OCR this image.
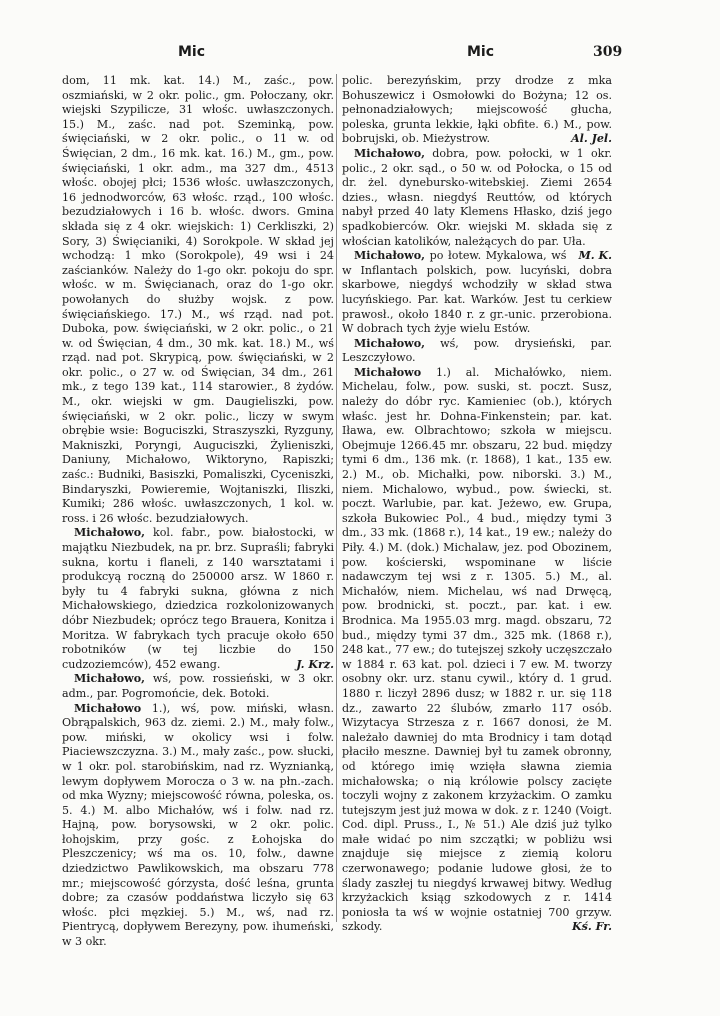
Mic	Mic	309

dom, 11 mk. kat. 14.) M., zaśc., pow. oszmiański, w 2 okr. polic., gm. Połoczany, okr. wiejski Szypilicze, 31 włośc. uwłaszczonych. 15.) M., zaśc. nad pot. Szeminką, pow. święciański, w 2 okr. polic., o 11 w. od Święcian, 2 dm., 16 mk. kat. 16.) M., gm., pow. święciański, 1 okr. adm., ma 327 dm., 4513 włośc. obojej płci; 1536 włośc. uwłaszczonych, 16 jednodworców, 63 włośc. rząd., 100 włośc. bezudziałowych i 16 b. włośc. dwors. Gmina składa się z 4 okr. wiejskich: 1) Cerkliszki, 2) Sory, 3) Święcianiki, 4) Sorokpole. W skład jej wchodzą: 1 mko (Sorokpole), 49 wsi i 24 zaścianków. Należy do 1-go okr. pokoju do spr. włośc. w m. Święcianach, oraz do 1-go okr. powołanych do służby wojsk. z pow. święciańskiego. 17.) M., wś rząd. nad pot. Duboka, pow. święciański, w 2 okr. polic., o 21 w. od Święcian, 4 dm., 30 mk. kat. 18.) M., wś rząd. nad pot. Skrypicą, pow. święciański, w 2 okr. polic., o 27 w. od Święcian, 34 dm., 261 mk., z tego 139 kat., 114 starowier., 8 żydów. M., okr. wiejski w gm. Daugieliszki, pow. święciański, w 2 okr. polic., liczy w swym obrębie wsie: Boguciszki, Straszyszki, Ryzguny, Makniszki, Poryngi, Auguciszki, Żylieniszki, Daniuny, Michałowo, Wiktoryno, Rapiszki; zaśc.: Budniki, Basiszki, Pomaliszki, Cyceniszki, Bindaryszki, Powieremie, Wojtaniszki, Iliszki, Kumiki; 286 włośc. uwłaszczonych, 1 kol. w. ross. i 26 włośc. bezudziałowych.

Michałowo, kol. fabr., pow. białostocki, w majątku Niezbudek, na pr. brz. Supraśli; fabryki sukna, kortu i flaneli, z 140 warsztatami i produkcyą roczną do 250000 arsz. W 1860 r. były tu 4 fabryki sukna, główna z nich Michałowskiego, dziedzica rozkolonizowanych dóbr Niezbudek; oprócz tego Brauera, Konitza i Moritza. W fabrykach tych pracuje około 650 robotników (w tej liczbie do 150 cudzoziemców), 452 ewang.	J. Krz.

Michałowo, wś, pow. rossieński, w 3 okr. adm., par. Pogromońcie, dek. Botoki.

Michałowo 1.), wś, pow. miński, własn. Obrąpalskich, 963 dz. ziemi. 2.) M., mały folw., pow. miński, w okolicy wsi i folw. Piaciewszczyzna. 3.) M., mały zaśc., pow. słucki, w 1 okr. pol. starobińskim, nad rz. Wyznianką, lewym dopływem Morocza o 3 w. na płn.-zach. od mka Wyzny; miejscowość równa, poleska, os. 5. 4.) M. albo Michałów, wś i folw. nad rz. Hajną, pow. borysowski, w 2 okr. polic. łohojskim, przy gośc. z Łohojska do Pleszczenicy; wś ma os. 10, folw., dawne dziedzictwo Pawlikowskich, ma obszaru 778 mr.; miejscowość górzysta, dość leśna, grunta dobre; za czasów poddaństwa liczyło się 63 włośc. płci męzkiej. 5.) M., wś, nad rz. Pientrycą, dopływem Berezyny, pow. ihumeński, w 3 okr.

polic. berezyńskim, przy drodze z mka Bohuszewicz i Osmołowki do Bożyna; 12 os. pełnonadziałowych; miejscowość głucha, poleska, grunta lekkie, łąki obfite. 6.) M., pow. bobrujski, ob. Mieżystrow.	Al. Jel.

Michałowo, dobra, pow. połocki, w 1 okr. polic., 2 okr. sąd., o 50 w. od Połocka, o 15 od dr. żel. dynebursko-witebskiej. Ziemi 2654 dzies., własn. niegdyś Reuttów, od których nabył przed 40 laty Klemens Hłasko, dziś jego spadkobierców. Okr. wiejski M. składa się z włościan katolików, należących do par. Uła.
M. K.

Michałowo, po łotew. Mykalowa, wś w Inflantach polskich, pow. lucyński, dobra skarbowe, niegdyś wchodziły w skład stwa lucyńskiego. Par. kat. Warków. Jest tu cerkiew prawosł., około 1840 r. z gr.-unic. przerobiona. W dobrach tych żyje wielu Estów.

Michałowo, wś, pow. drysieński, par. Leszczyłowo.

Michałowo 1.) al. Michałówko, niem. Michelau, folw., pow. suski, st. poczt. Susz, należy do dóbr ryc. Kamieniec (ob.), których właśc. jest hr. Dohna-Finkenstein; par. kat. Iława, ew. Olbrachtowo; szkoła w miejscu. Obejmuje 1266.45 mr. obszaru, 22 bud. między tymi 6 dm., 136 mk. (r. 1868), 1 kat., 135 ew. 2.) M., ob. Michałki, pow. niborski. 3.) M., niem. Michalowo, wybud., pow. świecki, st. poczt. Warlubie, par. kat. Jeżewo, ew. Grupa, szkoła Bukowiec Pol., 4 bud., między tymi 3 dm., 33 mk. (1868 r.), 14 kat., 19 ew.; należy do Piły. 4.) M. (dok.) Michalaw, jez. pod Obozinem, pow. kościerski, wspominane w liście nadawczym tej wsi z r. 1305. 5.) M., al. Michałów, niem. Michelau, wś nad Drwęcą, pow. brodnicki, st. poczt., par. kat. i ew. Brodnica. Ma 1955.03 mrg. magd. obszaru, 72 bud., między tymi 37 dm., 325 mk. (1868 r.), 248 kat., 77 ew.; do tutejszej szkoły uczęszczało w 1884 r. 63 kat. pol. dzieci i 7 ew. M. tworzy osobny okr. urz. stanu cywil., który d. 1 grud. 1880 r. liczył 2896 dusz; w 1882 r. ur. się 118 dz., zawarto 22 ślubów, zmarło 117 osób. Wizytacya Strzesza z r. 1667 donosi, że M. należało dawniej do mta Brodnicy i tam dotąd płaciło meszne. Dawniej był tu zamek obronny, od którego imię wzięła sławna ziemia michałowska; o nią królowie polscy zacięte toczyli wojny z zakonem krzyżackim. O zamku tutejszym jest już mowa w dok. z r. 1240 (Voigt. Cod. dipl. Pruss., I., № 51.) Ale dziś już tylko małe widać po nim szczątki; w pobliżu wsi znajduje się miejsce z ziemią koloru czerwonawego; podanie ludowe głosi, że to ślady zaszłej tu niegdyś krwawej bitwy. Według krzyżackich ksiąg szkodowych z r. 1414 poniosła ta wś w wojnie ostatniej 700 grzyw. szkody.	Kś. Fr.
